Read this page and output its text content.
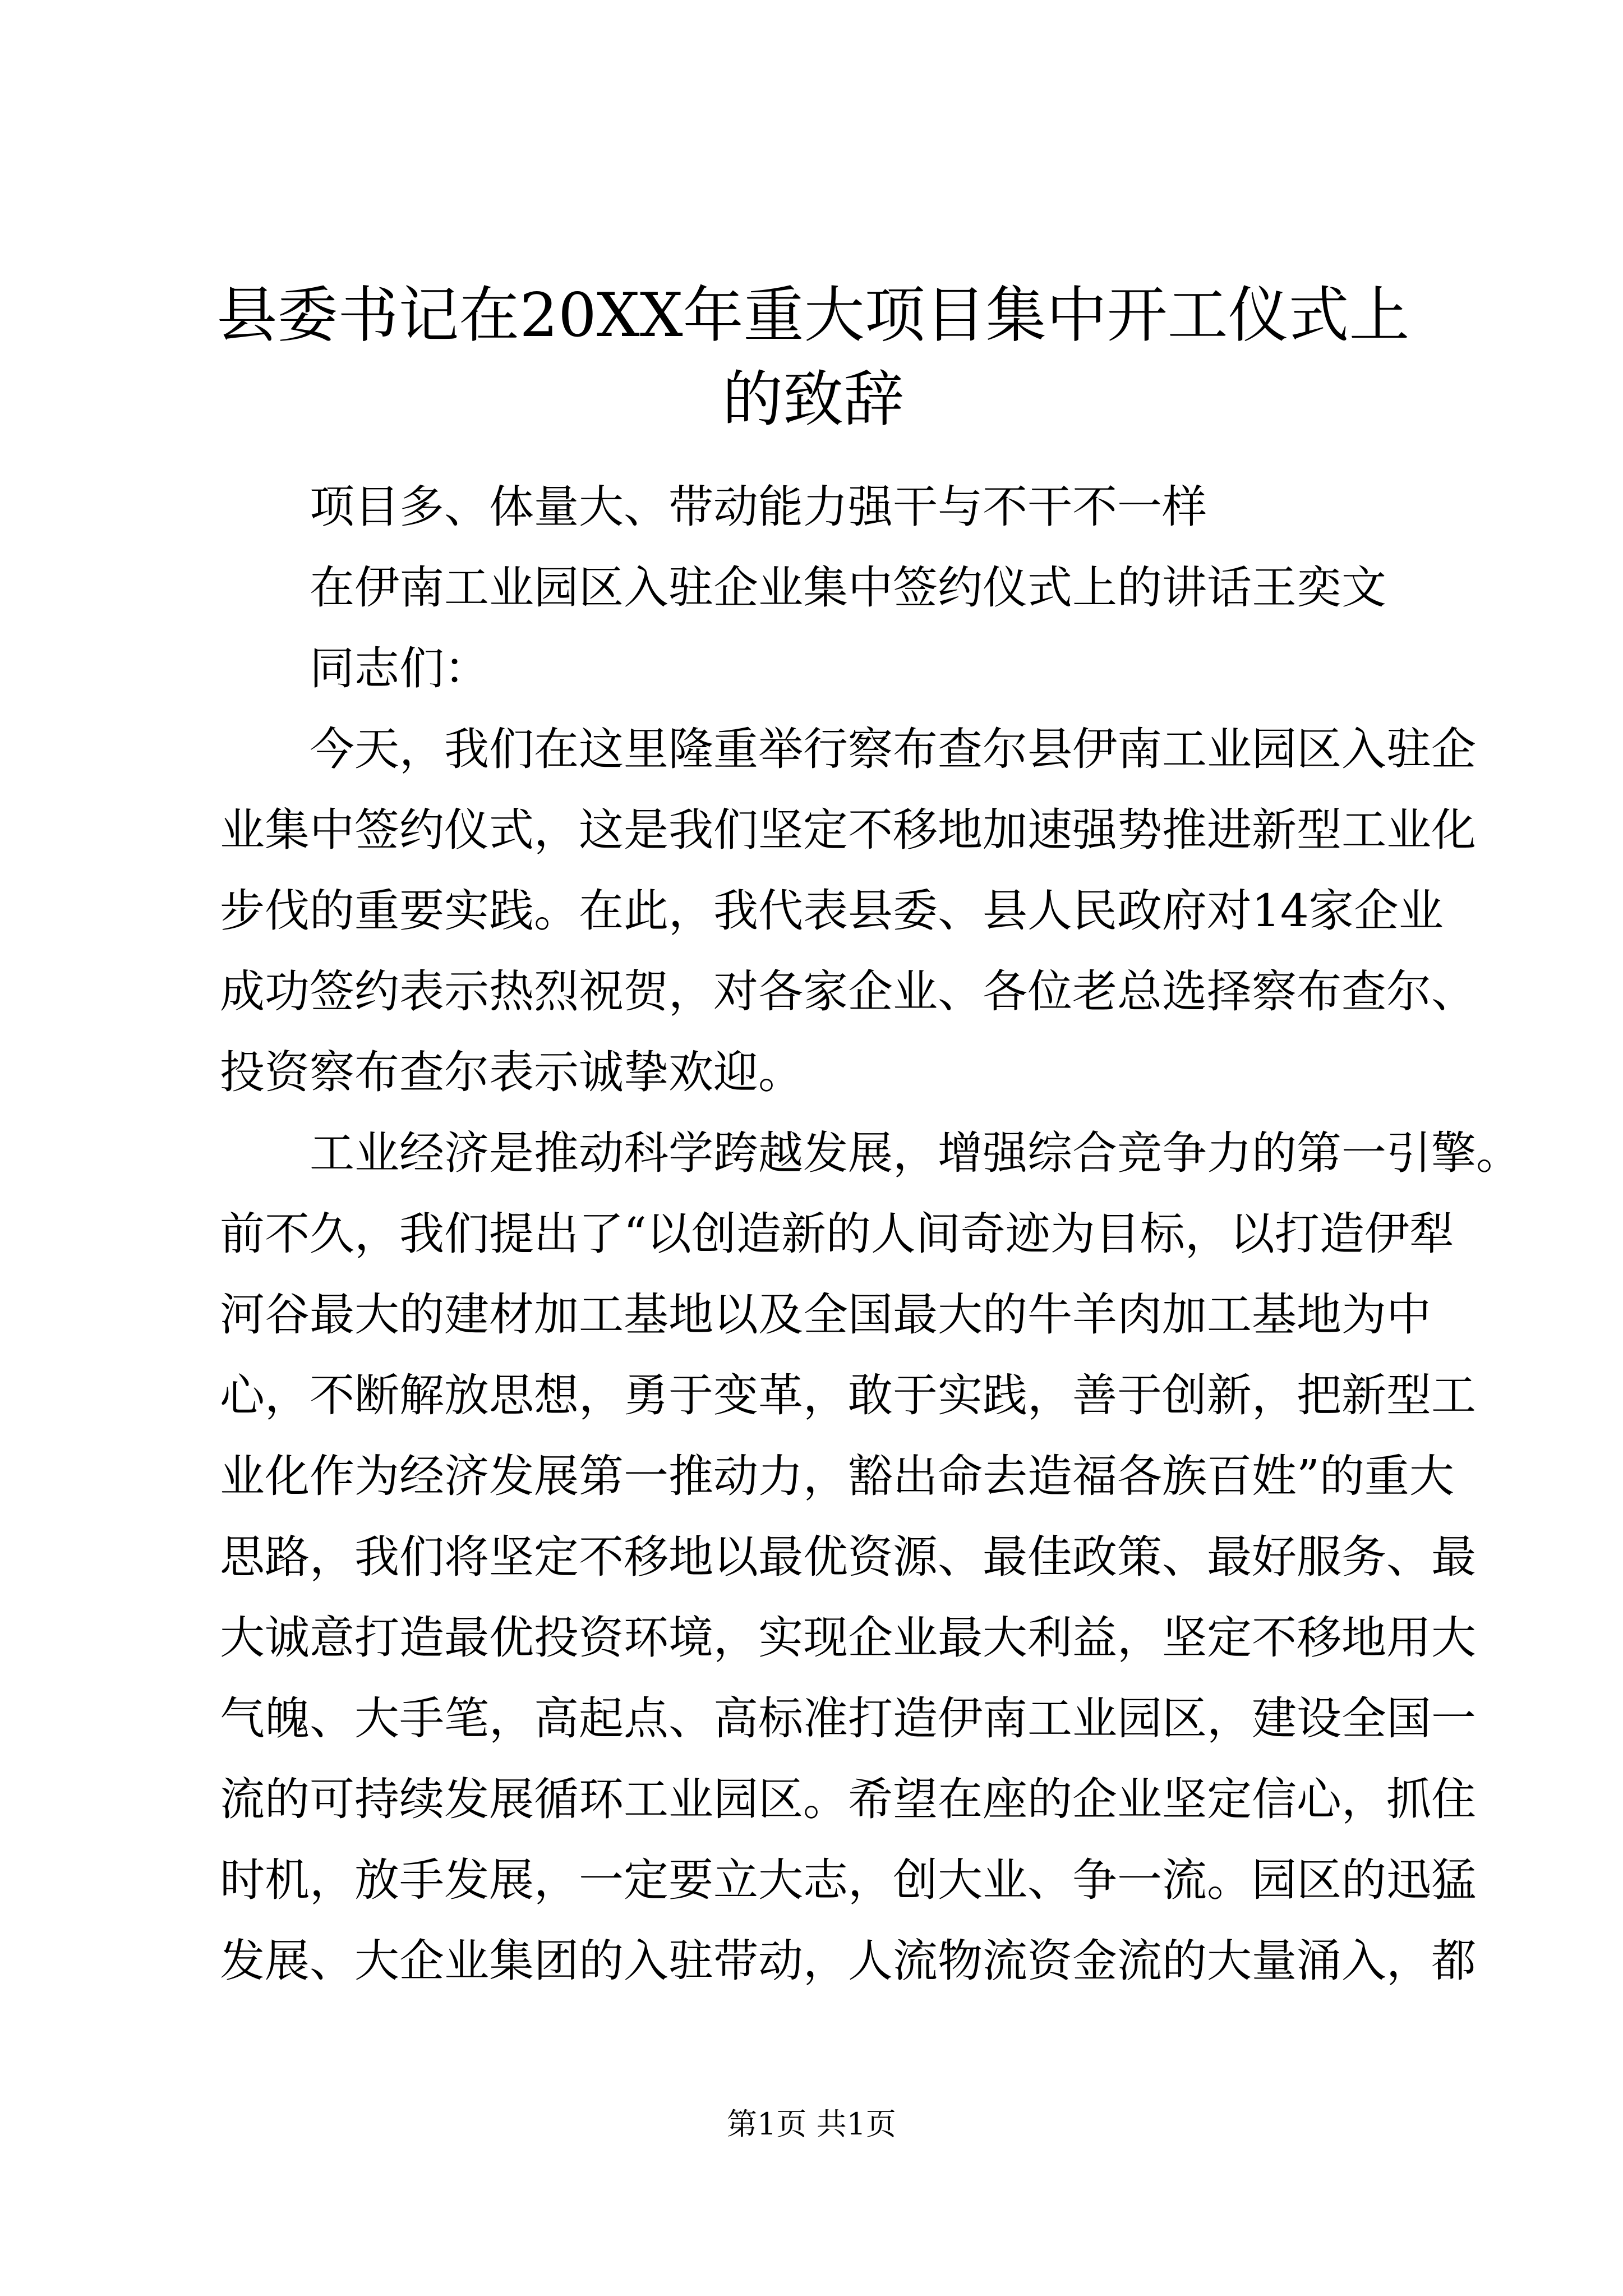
县委书记在20XX年重大项目集中开工仪式上
的致辞

项目多、体量大、带动能力强干与不干不一样

在伊南工业园区入驻企业集中签约仪式上的讲话王奕文

同志们：

今天，我们在这里隆重举行察布查尔县伊南工业园区入驻企

业集中签约仪式，这是我们坚定不移地加速强势推进新型工业化

步伐的重要实践。在此，我代表县委、县人民政府对14家企业

成功签约表示热烈祝贺，对各家企业、各位老总选择察布查尔、

投资察布查尔表示诚挚欢迎。

工业经济是推动科学跨越发展，增强综合竞争力的第一引擎。

前不久，我们提出了“以创造新的人间奇迹为目标，以打造伊犁

河谷最大的建材加工基地以及全国最大的牛羊肉加工基地为中

心，不断解放思想，勇于变革，敢于实践，善于创新，把新型工

业化作为经济发展第一推动力，豁出命去造福各族百姓”的重大

思路，我们将坚定不移地以最优资源、最佳政策、最好服务、最

大诚意打造最优投资环境，实现企业最大利益，坚定不移地用大

气魄、大手笔，高起点、高标准打造伊南工业园区，建设全国一

流的可持续发展循环工业园区。希望在座的企业坚定信心，抓住

时机，放手发展，一定要立大志，创大业、争一流。园区的迅猛

发展、大企业集团的入驻带动，人流物流资金流的大量涌入，都

第1页 共1页
